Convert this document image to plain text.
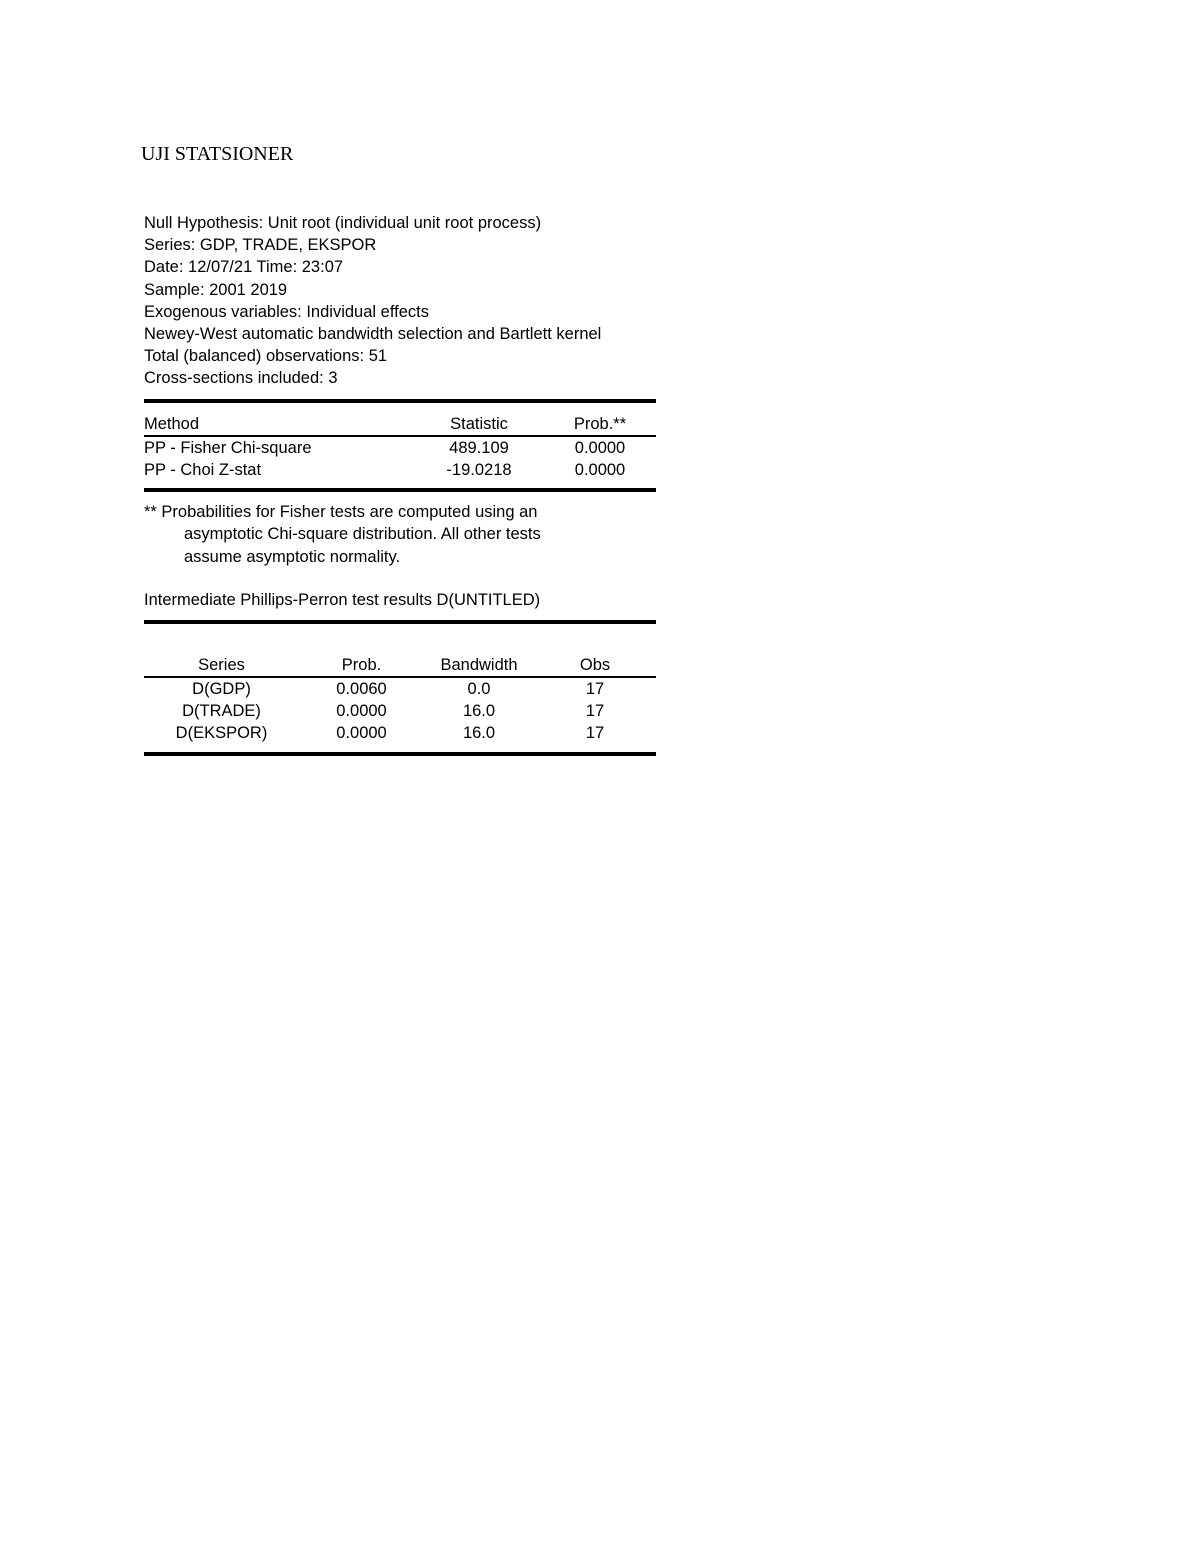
UJI STATSIONER
Null Hypothesis: Unit root (individual unit root process)
Series: GDP, TRADE, EKSPOR
Date: 12/07/21 Time: 23:07
Sample: 2001 2019
Exogenous variables: Individual effects
Newey-West automatic bandwidth selection and Bartlett kernel
Total (balanced) observations: 51
Cross-sections included: 3
Method	Statistic	Prob.**
PP - Fisher Chi-square	489.109	0.0000
PP - Choi Z-stat	-19.0218	0.0000
** Probabilities for Fisher tests are computed using an
asymptotic Chi-square distribution. All other tests
assume asymptotic normality.
Intermediate Phillips-Perron test results D(UNTITLED)
Series	Prob.	Bandwidth	Obs
D(GDP)	0.0060	0.0	17
D(TRADE)	0.0000	16.0	17
D(EKSPOR)	0.0000	16.0	17
